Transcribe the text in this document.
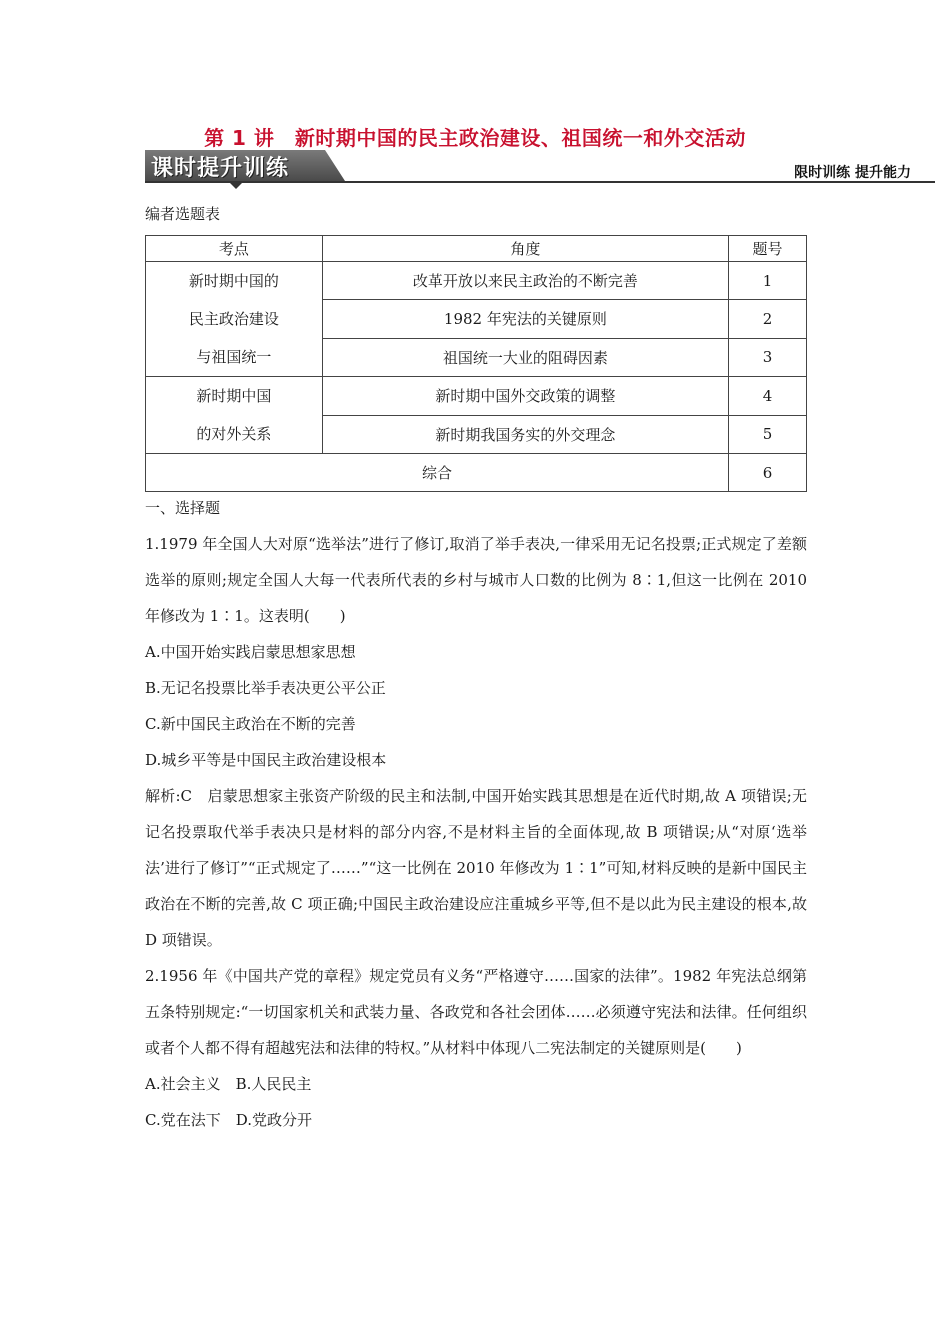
第 1 讲　新时期中国的民主政治建设、祖国统一和外交活动
课时提升训练	限时训练 提升能力
编者选题表
考点	角度	题号

新时期中国的
民主政治建设
与祖国统一	改革开放以来民主政治的不断完善	1
	1982 年宪法的关键原则	2
	祖国统一大业的阻碍因素	3

新时期中国
的对外关系	新时期中国外交政策的调整	4
	新时期我国务实的外交理念	5
综合		6

一、选择题

1.1979 年全国人大对原“选举法”进行了修订,取消了举手表决,一律采用无记名投票;正式规定了差额选举的原则;规定全国人大每一代表所代表的乡村与城市人口数的比例为 8∶1,但这一比例在 2010 年修改为 1∶1。这表明(　　)

A.中国开始实践启蒙思想家思想

B.无记名投票比举手表决更公平公正

C.新中国民主政治在不断的完善

D.城乡平等是中国民主政治建设根本

解析:C　启蒙思想家主张资产阶级的民主和法制,中国开始实践其思想是在近代时期,故 A 项错误;无记名投票取代举手表决只是材料的部分内容,不是材料主旨的全面体现,故 B 项错误;从“对原‘选举法’进行了修订”“正式规定了……”“这一比例在 2010 年修改为 1∶1”可知,材料反映的是新中国民主政治在不断的完善,故 C 项正确;中国民主政治建设应注重城乡平等,但不是以此为民主建设的根本,故 D 项错误。

2.1956 年《中国共产党的章程》规定党员有义务“严格遵守……国家的法律”。1982 年宪法总纲第五条特别规定:“一切国家机关和武装力量、各政党和各社会团体……必须遵守宪法和法律。任何组织或者个人都不得有超越宪法和法律的特权。”从材料中体现八二宪法制定的关键原则是(　　)

A.社会主义　B.人民民主

C.党在法下　D.党政分开
